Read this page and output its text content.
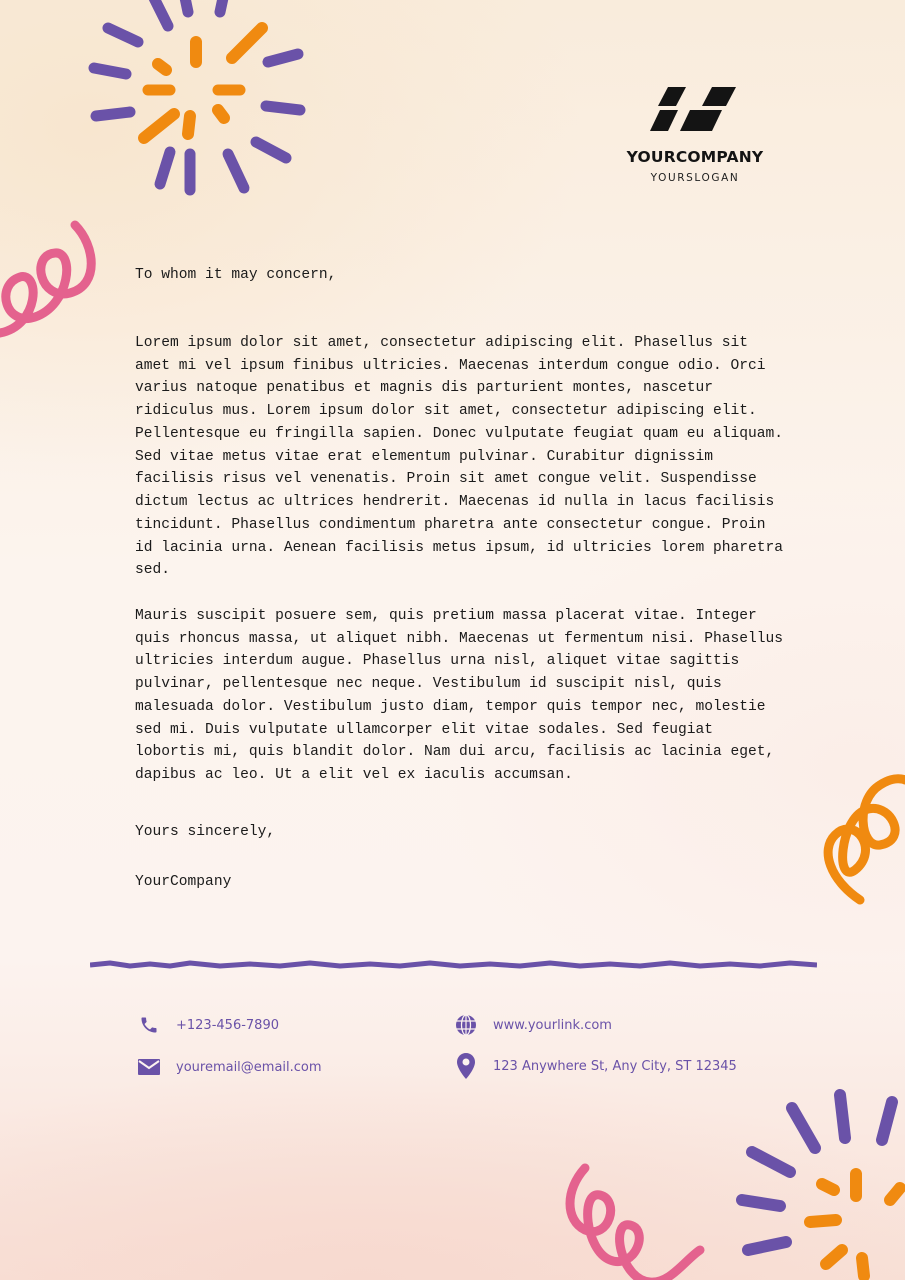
YOURCOMPANY
YOURSLOGAN

To whom it may concern,

Lorem ipsum dolor sit amet, consectetur adipiscing elit. Phasellus sit amet mi vel ipsum finibus ultricies. Maecenas interdum congue odio. Orci varius natoque penatibus et magnis dis parturient montes, nascetur ridiculus mus. Lorem ipsum dolor sit amet, consectetur adipiscing elit. Pellentesque eu fringilla sapien. Donec vulputate feugiat quam eu aliquam. Sed vitae metus vitae erat elementum pulvinar. Curabitur dignissim facilisis risus vel venenatis. Proin sit amet congue velit. Suspendisse dictum lectus ac ultrices hendrerit. Maecenas id nulla in lacus facilisis tincidunt. Phasellus condimentum pharetra ante consectetur congue. Proin id lacinia urna. Aenean facilisis metus ipsum, id ultricies lorem pharetra sed.

Mauris suscipit posuere sem, quis pretium massa placerat vitae. Integer quis rhoncus massa, ut aliquet nibh. Maecenas ut fermentum nisi. Phasellus ultricies interdum augue. Phasellus urna nisl, aliquet vitae sagittis pulvinar, pellentesque nec neque. Vestibulum id suscipit nisl, quis malesuada dolor. Vestibulum justo diam, tempor quis tempor nec, molestie sed mi. Duis vulputate ullamcorper elit vitae sodales. Sed feugiat lobortis mi, quis blandit dolor. Nam dui arcu, facilisis ac lacinia eget, dapibus ac leo. Ut a elit vel ex iaculis accumsan.

Yours sincerely,
YourCompany
+123-456-7890
youremail@email.com
www.yourlink.com
123 Anywhere St, Any City, ST 12345
